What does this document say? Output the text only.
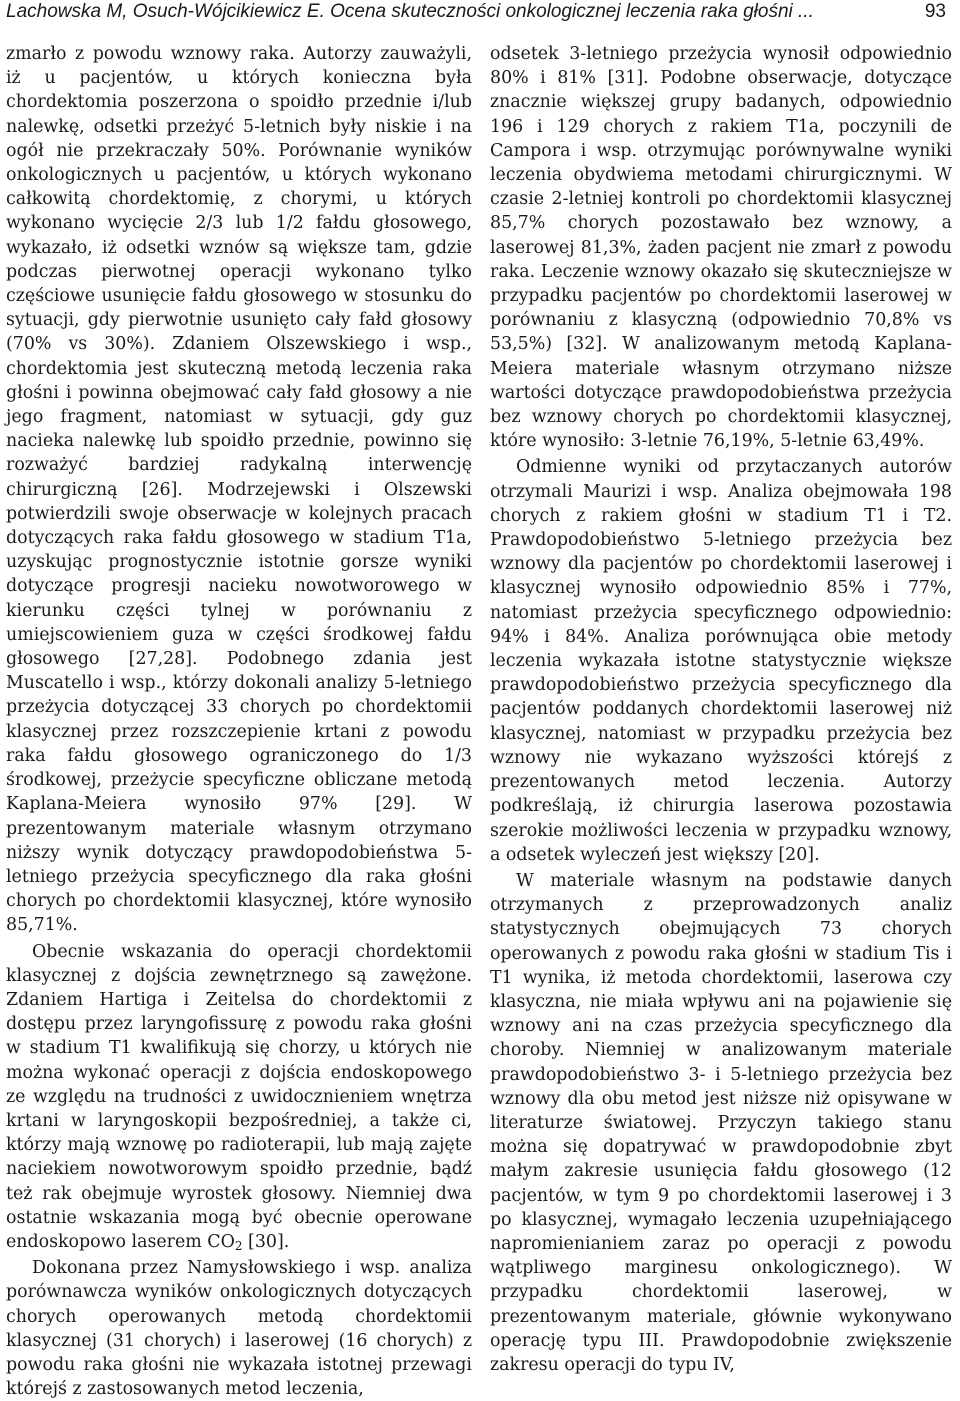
Lachowska M, Osuch-Wójcikiewicz E. Ocena skuteczności onkologicznej leczenia raka głośni ...	93

zmarło z powodu wznowy raka. Autorzy zauważyli, iż u pacjentów, u których konieczna była chordektomia poszerzona o spoidło przednie i/lub nalewkę, odsetki przeżyć 5-letnich były niskie i na ogół nie przekraczały 50%. Porównanie wyników onkologicznych u pacjentów, u których wykonano całkowitą chordektomię, z chorymi, u których wykonano wycięcie 2/3 lub 1/2 fałdu głosowego, wykazało, iż odsetki wznów są większe tam, gdzie podczas pierwotnej operacji wykonano tylko częściowe usunięcie fałdu głosowego w stosunku do sytuacji, gdy pierwotnie usunięto cały fałd głosowy (70% vs 30%). Zdaniem Olszewskiego i wsp., chordektomia jest skuteczną metodą leczenia raka głośni i powinna obejmować cały fałd głosowy a nie jego fragment, natomiast w sytuacji, gdy guz nacieka nalewkę lub spoidło przednie, powinno się rozważyć bardziej radykalną interwencję chirurgiczną [26]. Modrzejewski i Olszewski potwierdzili swoje obserwacje w kolejnych pracach dotyczących raka fałdu głosowego w stadium T1a, uzyskując prognostycznie istotnie gorsze wyniki dotyczące progresji nacieku nowotworowego w kierunku części tylnej w porównaniu z umiejscowieniem guza w części środkowej fałdu głosowego [27,28]. Podobnego zdania jest Muscatello i wsp., którzy dokonali analizy 5-letniego przeżycia dotyczącej 33 chorych po chordektomii klasycznej przez rozszczepienie krtani z powodu raka fałdu głosowego ograniczonego do 1/3 środkowej, przeżycie specyficzne obliczane metodą Kaplana-Meiera wynosiło 97% [29]. W prezentowanym materiale własnym otrzymano niższy wynik dotyczący prawdopodobieństwa 5-letniego przeżycia specyficznego dla raka głośni chorych po chordektomii klasycznej, które wynosiło 85,71%.

Obecnie wskazania do operacji chordektomii klasycznej z dojścia zewnętrznego są zawężone. Zdaniem Hartiga i Zeitelsa do chordektomii z dostępu przez laryngofissurę z powodu raka głośni w stadium T1 kwalifikują się chorzy, u których nie można wykonać operacji z dojścia endoskopowego ze względu na trudności z uwidocznieniem wnętrza krtani w laryngoskopii bezpośredniej, a także ci, którzy mają wznowę po radioterapii, lub mają zajęte naciekiem nowotworowym spoidło przednie, bądź też rak obejmuje wyrostek głosowy. Niemniej dwa ostatnie wskazania mogą być obecnie operowane endoskopowo laserem $CO_2$ [30].

Dokonana przez Namysłowskiego i wsp. analiza porównawcza wyników onkologicznych dotyczących chorych operowanych metodą chordektomii klasycznej (31 chorych) i laserowej (16 chorych) z powodu raka głośni nie wykazała istotnej przewagi którejś z zastosowanych metod leczenia,

odsetek 3-letniego przeżycia wynosił odpowiednio 80% i 81% [31]. Podobne obserwacje, dotyczące znacznie większej grupy badanych, odpowiednio 196 i 129 chorych z rakiem T1a, poczynili de Campora i wsp. otrzymując porównywalne wyniki leczenia obydwiema metodami chirurgicznymi. W czasie 2-letniej kontroli po chordektomii klasycznej 85,7% chorych pozostawało bez wznowy, a laserowej 81,3%, żaden pacjent nie zmarł z powodu raka. Leczenie wznowy okazało się skuteczniejsze w przypadku pacjentów po chordektomii laserowej w porównaniu z klasyczną (odpowiednio 70,8% vs 53,5%) [32]. W analizowanym metodą Kaplana-Meiera materiale własnym otrzymano niższe wartości dotyczące prawdopodobieństwa przeżycia bez wznowy chorych po chordektomii klasycznej, które wynosiło: 3-letnie 76,19%, 5-letnie 63,49%.

Odmienne wyniki od przytaczanych autorów otrzymali Maurizi i wsp. Analiza obejmowała 198 chorych z rakiem głośni w stadium T1 i T2. Prawdopodobieństwo 5-letniego przeżycia bez wznowy dla pacjentów po chordektomii laserowej i klasycznej wynosiło odpowiednio 85% i 77%, natomiast przeżycia specyficznego odpowiednio: 94% i 84%. Analiza porównująca obie metody leczenia wykazała istotne statystycznie większe prawdopodobieństwo przeżycia specyficznego dla pacjentów poddanych chordektomii laserowej niż klasycznej, natomiast w przypadku przeżycia bez wznowy nie wykazano wyższości którejś z prezentowanych metod leczenia. Autorzy podkreślają, iż chirurgia laserowa pozostawia szerokie możliwości leczenia w przypadku wznowy, a odsetek wyleczeń jest większy [20].

W materiale własnym na podstawie danych otrzymanych z przeprowadzonych analiz statystycznych obejmujących 73 chorych operowanych z powodu raka głośni w stadium Tis i T1 wynika, iż metoda chordektomii, laserowa czy klasyczna, nie miała wpływu ani na pojawienie się wznowy ani na czas przeżycia specyficznego dla choroby. Niemniej w analizowanym materiale prawdopodobieństwo 3- i 5-letniego przeżycia bez wznowy dla obu metod jest niższe niż opisywane w literaturze światowej. Przyczyn takiego stanu można się dopatrywać w prawdopodobnie zbyt małym zakresie usunięcia fałdu głosowego (12 pacjentów, w tym 9 po chordektomii laserowej i 3 po klasycznej, wymagało leczenia uzupełniającego napromienianiem zaraz po operacji z powodu wątpliwego marginesu onkologicznego). W przypadku chordektomii laserowej, w prezentowanym materiale, głównie wykonywano operację typu III. Prawdopodobnie zwiększenie zakresu operacji do typu IV,
